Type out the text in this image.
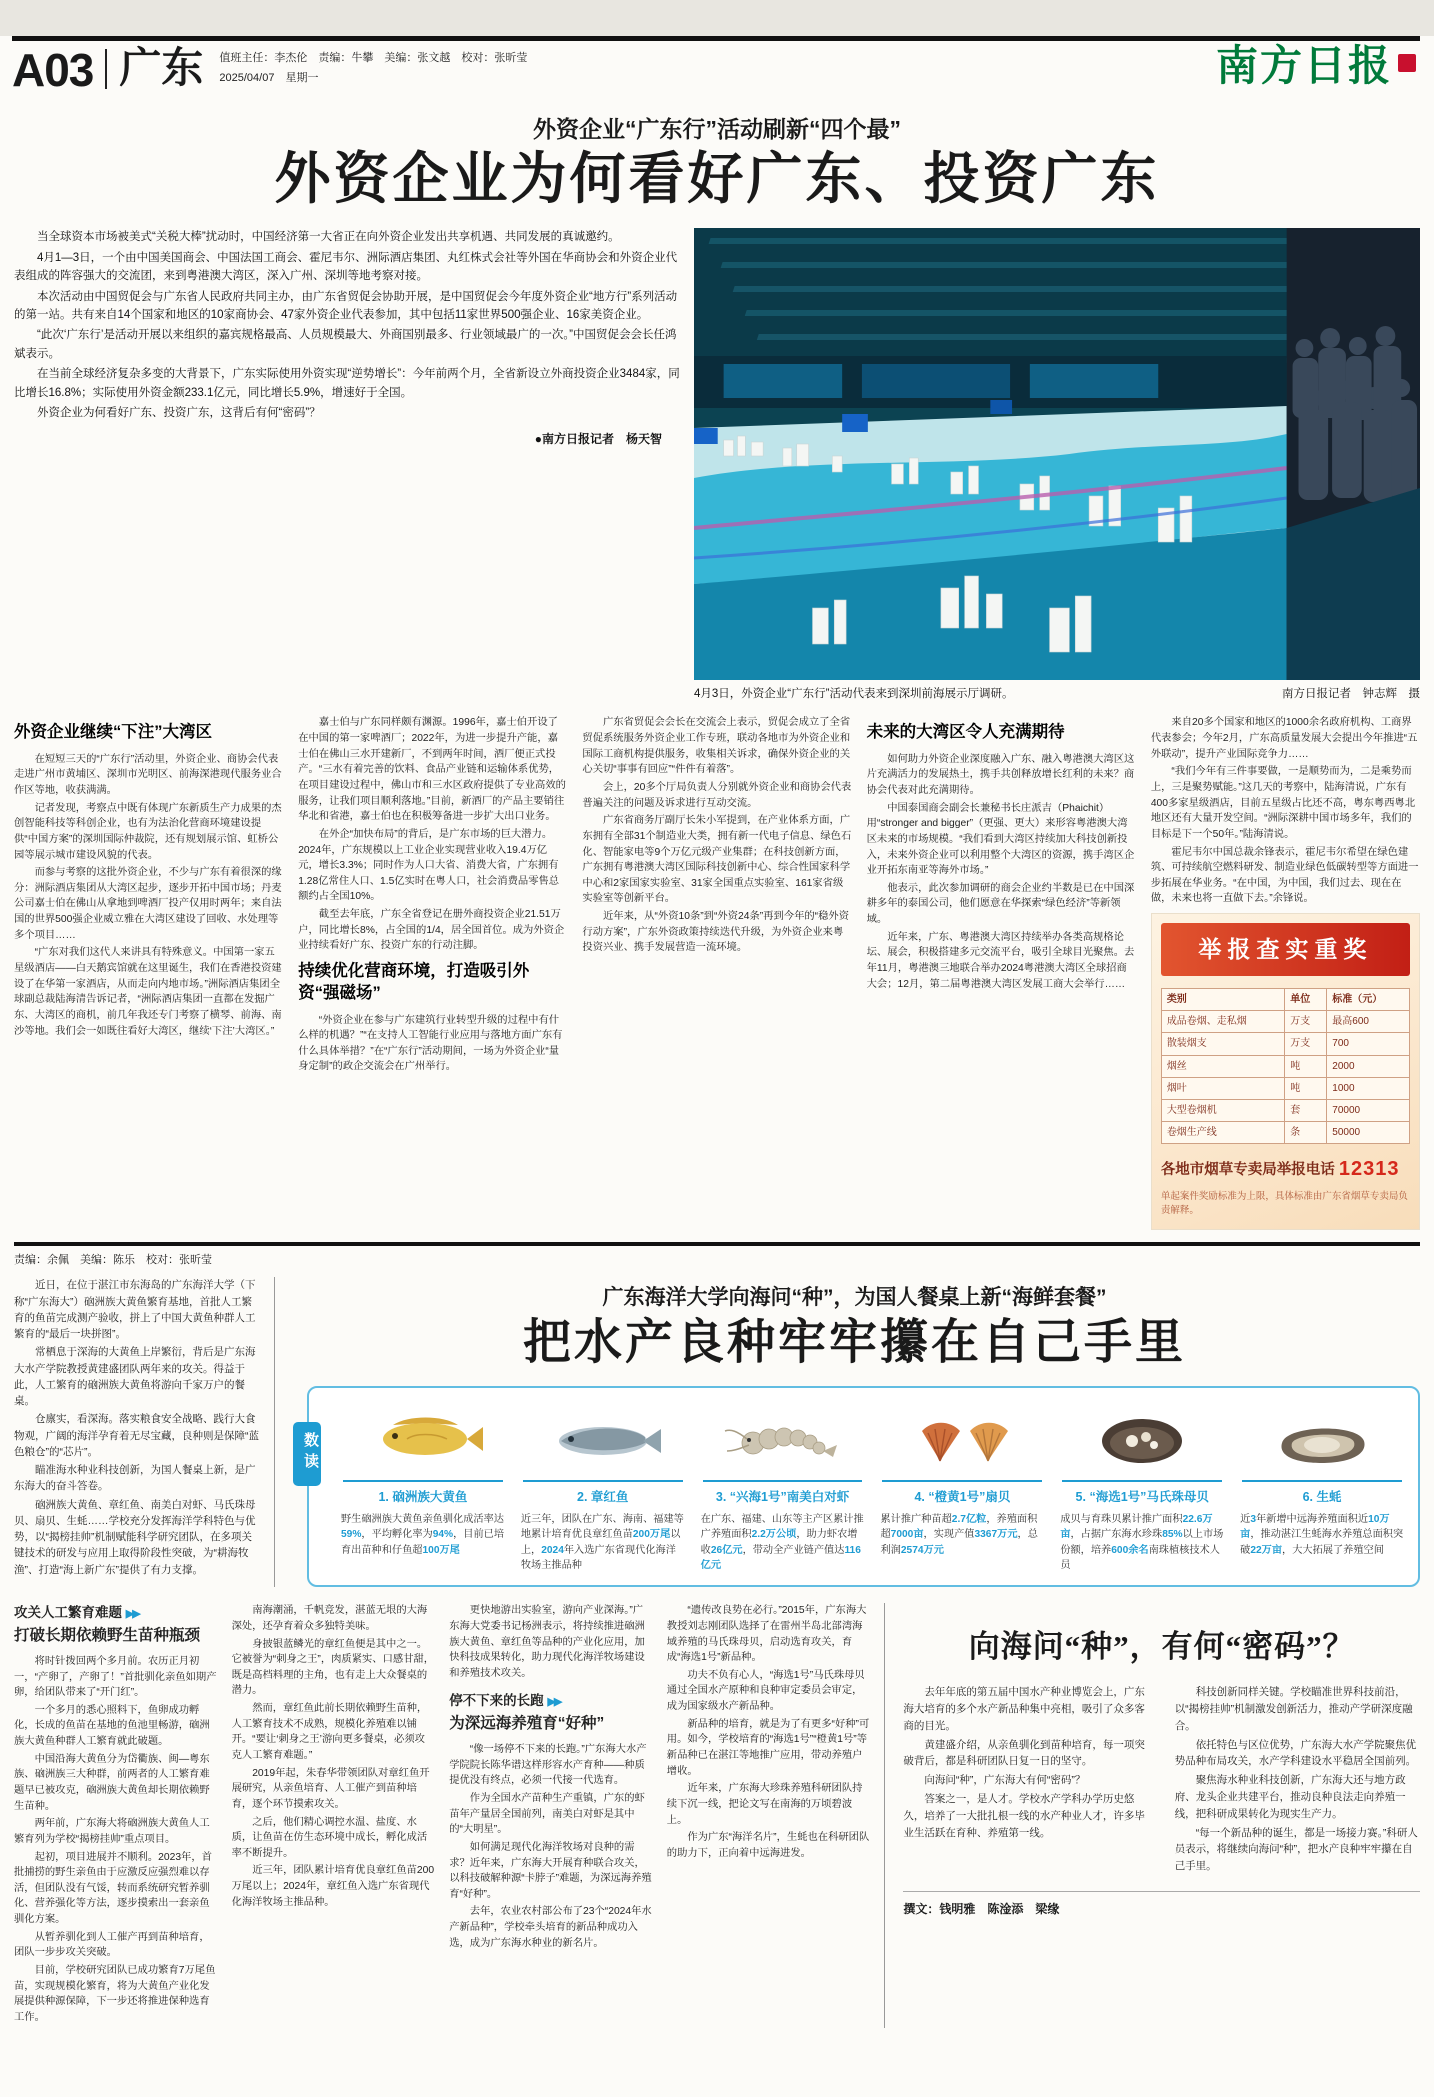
A03 广东 值班主任：李杰伦　责编：牛攀　美编：张文越　校对：张昕莹
2025/04/07　星期一	南方日报
外资企业“广东行”活动刷新“四个最”
外资企业为何看好广东、投资广东

当全球资本市场被美式“关税大棒”扰动时，中国经济第一大省正在向外资企业发出共享机遇、共同发展的真诚邀约。

4月1—3日，一个由中国美国商会、中国法国工商会、霍尼韦尔、洲际酒店集团、丸红株式会社等外国在华商协会和外资企业代表组成的阵容强大的交流团，来到粤港澳大湾区，深入广州、深圳等地考察对接。

本次活动由中国贸促会与广东省人民政府共同主办，由广东省贸促会协助开展，是中国贸促会今年度外资企业“地方行”系列活动的第一站。共有来自14个国家和地区的10家商协会、47家外资企业代表参加，其中包括11家世界500强企业、16家美资企业。

“此次‘广东行’是活动开展以来组织的嘉宾规格最高、人员规模最大、外商国别最多、行业领域最广的一次。”中国贸促会会长任鸿斌表示。

在当前全球经济复杂多变的大背景下，广东实际使用外资实现“逆势增长”：今年前两个月，全省新设立外商投资企业3484家，同比增长16.8%；实际使用外资金额233.1亿元，同比增长5.9%，增速好于全国。

外资企业为何看好广东、投资广东，这背后有何“密码”？

●南方日报记者　杨天智
4月3日，外资企业“广东行”活动代表来到深圳前海展示厅调研。	南方日报记者　钟志辉　摄
外资企业继续“下注”大湾区

在短短三天的“广东行”活动里，外资企业、商协会代表走进广州市黄埔区、深圳市光明区、前海深港现代服务业合作区等地，收获满满。

记者发现，考察点中既有体现广东新质生产力成果的杰创智能科技等科创企业，也有为法治化营商环境建设提供“中国方案”的深圳国际仲裁院，还有规划展示馆、虹桥公园等展示城市建设风貌的代表。

而参与考察的这批外资企业，不少与广东有着很深的缘分：洲际酒店集团从大湾区起步，逐步开拓中国市场；丹麦公司嘉士伯在佛山从拿地到啤酒厂投产仅用时两年；来自法国的世界500强企业威立雅在大湾区建设了回收、水处理等多个项目……

“广东对我们这代人来讲具有特殊意义。中国第一家五星级酒店——白天鹅宾馆就在这里诞生，我们在香港投资建设了在华第一家酒店，从而走向内地市场。”洲际酒店集团全球副总裁陆海清告诉记者，“洲际酒店集团一直都在发掘广东、大湾区的商机，前几年我还专门考察了横琴、前海、南沙等地。我们会一如既往看好大湾区，继续‘下注’大湾区。”

嘉士伯与广东同样颇有渊源。1996年，嘉士伯开设了在中国的第一家啤酒厂；2022年，为进一步提升产能，嘉士伯在佛山三水开建新厂，不到两年时间，酒厂便正式投产。“三水有着完善的饮料、食品产业链和运输体系优势，在项目建设过程中，佛山市和三水区政府提供了专业高效的服务，让我们项目顺利落地。”目前，新酒厂的产品主要销往华北和省港，嘉士伯也在积极筹备进一步扩大出口业务。

在外企“加快布局”的背后，是广东市场的巨大潜力。2024年，广东规模以上工业企业实现营业收入19.4万亿元，增长3.3%；同时作为人口大省、消费大省，广东拥有1.28亿常住人口、1.5亿实时在粤人口，社会消费品零售总额约占全国10%。

截至去年底，广东全省登记在册外商投资企业21.51万户，同比增长8%，占全国的1/4，居全国首位。成为外资企业持续看好广东、投资广东的行动注脚。

持续优化营商环境，打造吸引外资“强磁场”

“外资企业在参与广东建筑行业转型升级的过程中有什么样的机遇？”“在支持人工智能行业应用与落地方面广东有什么具体举措？”在“广东行”活动期间，一场为外资企业“量身定制”的政企交流会在广州举行。

广东省贸促会会长在交流会上表示，贸促会成立了全省贸促系统服务外资企业工作专班，联动各地市为外资企业和国际工商机构提供服务，收集相关诉求，确保外资企业的关心关切“事事有回应”“件件有着落”。

会上，20多个厅局负责人分别就外资企业和商协会代表普遍关注的问题及诉求进行互动交流。

广东省商务厅副厅长朱小军提到，在产业体系方面，广东拥有全部31个制造业大类，拥有新一代电子信息、绿色石化、智能家电等9个万亿元级产业集群；在科技创新方面，广东拥有粤港澳大湾区国际科技创新中心、综合性国家科学中心和2家国家实验室、31家全国重点实验室、161家省级实验室等创新平台。

近年来，从“外资10条”到“外资24条”再到今年的“稳外资行动方案”，广东外资政策持续迭代升级，为外资企业来粤投资兴业、携手发展营造一流环境。

未来的大湾区令人充满期待

如何助力外资企业深度融入广东、融入粤港澳大湾区这片充满活力的发展热土，携手共创释放增长红利的未来？商协会代表对此充满期待。

中国泰国商会副会长兼秘书长庄派吉（Phaichit）用“stronger and bigger”（更强、更大）来形容粤港澳大湾区未来的市场规模。“我们看到大湾区持续加大科技创新投入，未来外资企业可以利用整个大湾区的资源，携手湾区企业开拓东南亚等海外市场。”

他表示，此次参加调研的商会企业约半数是已在中国深耕多年的泰国公司，他们愿意在华探索“绿色经济”等新领域。

近年来，广东、粤港澳大湾区持续举办各类高规格论坛、展会，积极搭建多元交流平台，吸引全球目光聚焦。去年11月，粤港澳三地联合举办2024粤港澳大湾区全球招商大会；12月，第二届粤港澳大湾区发展工商大会举行……

来自20多个国家和地区的1000余名政府机构、工商界代表参会；今年2月，广东高质量发展大会提出今年推进“五外联动”，提升产业国际竞争力……

“我们今年有三件事要做，一是顺势而为，二是乘势而上，三是聚势赋能。”这几天的考察中，陆海清说，广东有400多家星级酒店，目前五星级占比还不高，粤东粤西粤北地区还有大量开发空间。“洲际深耕中国市场多年，我们的目标是下一个50年。”陆海清说。

霍尼韦尔中国总裁余锋表示，霍尼韦尔希望在绿色建筑、可持续航空燃料研发、制造业绿色低碳转型等方面进一步拓展在华业务。“在中国，为中国，我们过去、现在在做，未来也将一直做下去。”余锋说。

举报查实重奖
类别	单位	标准（元）
成品卷烟、走私烟	万支	最高600
散装烟支	万支	700
烟丝	吨	2000
烟叶	吨	1000
大型卷烟机	套	70000
卷烟生产线	条	50000
各地市烟草专卖局举报电话 12313
单起案件奖励标准为上限，具体标准由广东省烟草专卖局负责解释。
责编：余佩　美编：陈乐　校对：张昕莹

近日，在位于湛江市东海岛的广东海洋大学（下称“广东海大”）硇洲族大黄鱼繁育基地，首批人工繁育的鱼苗完成测产验收，拼上了中国大黄鱼种群人工繁育的“最后一块拼图”。

常栖息于深海的大黄鱼上岸繁衍，背后是广东海大水产学院教授黄建盛团队两年来的攻关。得益于此，人工繁育的硇洲族大黄鱼将游向千家万户的餐桌。

仓廪实，看深海。落实粮食安全战略、践行大食物观，广阔的海洋孕育着无尽宝藏，良种则是保障“蓝色粮仓”的“芯片”。

瞄准海水种业科技创新，为国人餐桌上新，是广东海大的奋斗答卷。

硇洲族大黄鱼、章红鱼、南美白对虾、马氏珠母贝、扇贝、生蚝……学校充分发挥海洋学科特色与优势，以“揭榜挂帅”机制赋能科学研究团队，在多项关键技术的研发与应用上取得阶段性突破，为“耕海牧渔”、打造“海上新广东”提供了有力支撑。

广东海洋大学向海问“种”，为国人餐桌上新“海鲜套餐”
把水产良种牢牢攥在自己手里
数读
1. 硇洲族大黄鱼
野生硇洲族大黄鱼亲鱼驯化成活率达59%，平均孵化率为94%，目前已培育出苗种和仔鱼超100万尾
2. 章红鱼
近三年，团队在广东、海南、福建等地累计培育优良章红鱼苗200万尾以上，2024年入选广东省现代化海洋牧场主推品种
3. “兴海1号”南美白对虾
在广东、福建、山东等主产区累计推广养殖面积2.2万公顷，助力虾农增收26亿元，带动全产业链产值达116亿元
4. “橙黄1号”扇贝
累计推广种苗超2.7亿粒，养殖面积超7000亩，实现产值3367万元，总利润2574万元
5. “海选1号”马氏珠母贝
成贝与育珠贝累计推广面积22.6万亩，占据广东海水珍珠85%以上市场份额，培养600余名南珠植核技术人员
6. 生蚝
近3年新增中远海养殖面积近10万亩，推动湛江生蚝海水养殖总面积突破22万亩，大大拓展了养殖空间
攻关人工繁育难题 ▶▶
打破长期依赖野生苗种瓶颈

将时针拨回两个多月前。农历正月初一，“产卵了，产卵了！”首批驯化亲鱼如期产卵，给团队带来了“开门红”。

一个多月的悉心照料下，鱼卵成功孵化，长成的鱼苗在基地的鱼池里畅游，硇洲族大黄鱼种群人工繁育就此破题。

中国沿海大黄鱼分为岱衢族、闽—粤东族、硇洲族三大种群，前两者的人工繁育难题早已被攻克，硇洲族大黄鱼却长期依赖野生苗种。

两年前，广东海大将硇洲族大黄鱼人工繁育列为学校“揭榜挂帅”重点项目。

起初，项目进展并不顺利。2023年，首批捕捞的野生亲鱼由于应激反应强烈难以存活，但团队没有气馁，转而系统研究暂养驯化、营养强化等方法，逐步摸索出一套亲鱼驯化方案。

从暂养驯化到人工催产再到苗种培育，团队一步步攻关突破。

目前，学校研究团队已成功繁育7万尾鱼苗，实现规模化繁育，将为大黄鱼产业化发展提供种源保障，下一步还将推进保种选育工作。

南海潮涌，千帆竞发，湛蓝无垠的大海深处，还孕育着众多独特美味。

身披银蓝鳞光的章红鱼便是其中之一。它被誉为“刺身之王”，肉质紧实、口感甘甜，既是高档料理的主角，也有走上大众餐桌的潜力。

然而，章红鱼此前长期依赖野生苗种，人工繁育技术不成熟，规模化养殖难以铺开。“要让‘刺身之王’游向更多餐桌，必须攻克人工繁育难题。”

2019年起，朱春华带领团队对章红鱼开展研究，从亲鱼培育、人工催产到苗种培育，逐个环节摸索攻关。

之后，他们精心调控水温、盐度、水质，让鱼苗在仿生态环境中成长，孵化成活率不断提升。

近三年，团队累计培育优良章红鱼苗200万尾以上；2024年，章红鱼入选广东省现代化海洋牧场主推品种。

更快地游出实验室，游向产业深海。”广东海大党委书记杨洲表示，将持续推进硇洲族大黄鱼、章红鱼等品种的产业化应用，加快科技成果转化，助力现代化海洋牧场建设和养殖技术攻关。

停不下来的长跑 ▶▶
为深远海养殖育“好种”

“像一场停不下来的长跑。”广东海大水产学院院长陈华谱这样形容水产育种——种质提优没有终点，必须一代接一代选育。

作为全国水产苗种生产重镇，广东的虾苗年产量居全国前列，南美白对虾是其中的“大明星”。

如何满足现代化海洋牧场对良种的需求？近年来，广东海大开展育种联合攻关，以科技破解种源“卡脖子”难题，为深远海养殖育“好种”。

去年，农业农村部公布了23个“2024年水产新品种”，学校牵头培育的新品种成功入选，成为广东海水种业的新名片。

“遗传改良势在必行。”2015年，广东海大教授刘志刚团队选择了在雷州半岛北部湾海域养殖的马氏珠母贝，启动选育攻关，育成“海选1号”新品种。

功夫不负有心人，“海选1号”马氏珠母贝通过全国水产原种和良种审定委员会审定，成为国家级水产新品种。

新品种的培育，就是为了有更多“好种”可用。如今，学校培育的“海选1号”“橙黄1号”等新品种已在湛江等地推广应用，带动养殖户增收。

近年来，广东海大珍珠养殖科研团队持续下沉一线，把论文写在南海的万顷碧波上。

作为广东“海洋名片”，生蚝也在科研团队的助力下，正向着中远海进发。

向海问“种”，有何“密码”？

去年年底的第五届中国水产种业博览会上，广东海大培育的多个水产新品种集中亮相，吸引了众多客商的目光。

黄建盛介绍，从亲鱼驯化到苗种培育，每一项突破背后，都是科研团队日复一日的坚守。

向海问“种”，广东海大有何“密码”？

答案之一，是人才。学校水产学科办学历史悠久，培养了一大批扎根一线的水产种业人才，许多毕业生活跃在育种、养殖第一线。

科技创新同样关键。学校瞄准世界科技前沿，以“揭榜挂帅”机制激发创新活力，推动产学研深度融合。

依托特色与区位优势，广东海大水产学院聚焦优势品种布局攻关，水产学科建设水平稳居全国前列。

聚焦海水种业科技创新，广东海大还与地方政府、龙头企业共建平台，推动良种良法走向养殖一线，把科研成果转化为现实生产力。

“每一个新品种的诞生，都是一场接力赛。”科研人员表示，将继续向海问“种”，把水产良种牢牢攥在自己手里。

撰文：钱明雅　陈淦添　梁缘
